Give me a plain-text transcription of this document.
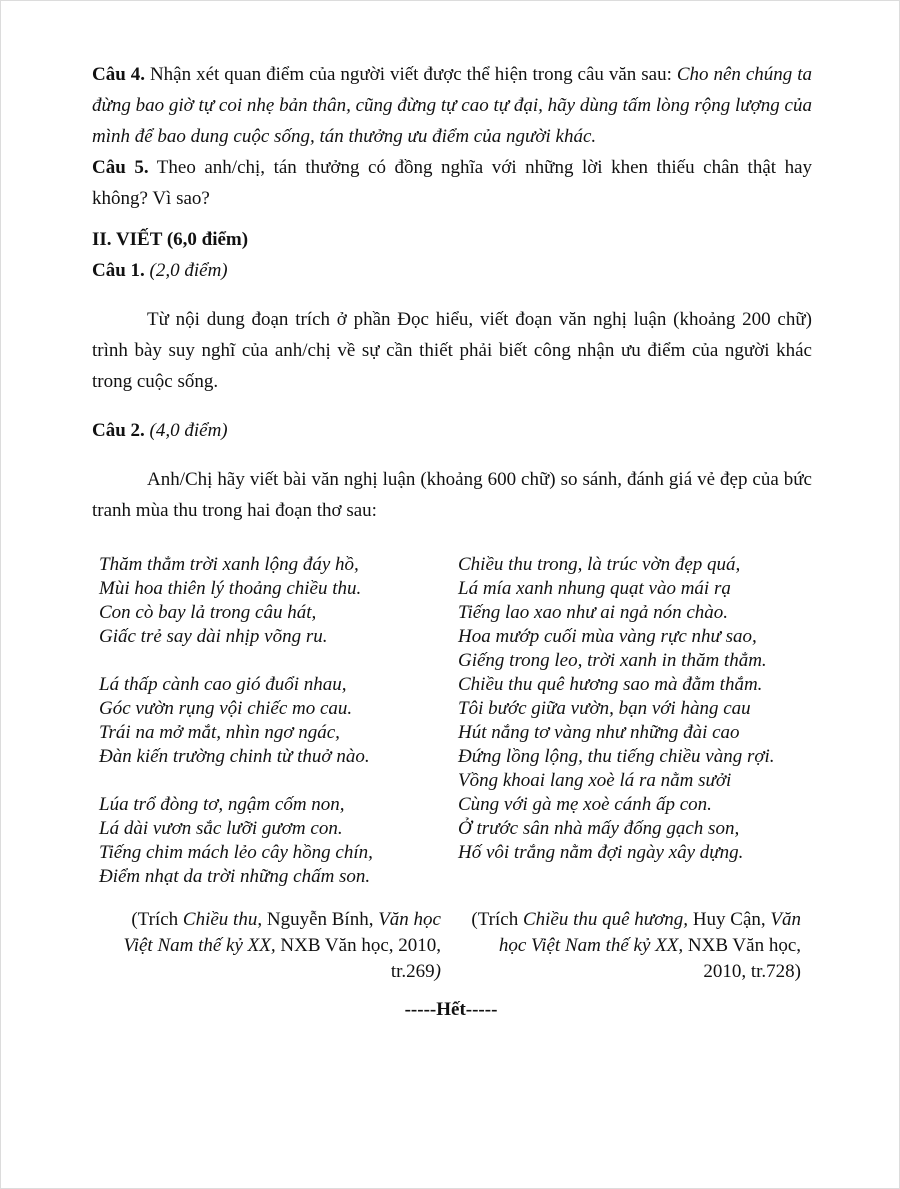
Câu 4. Nhận xét quan điểm của người viết được thể hiện trong câu văn sau: Cho nên chúng ta đừng bao giờ tự coi nhẹ bản thân, cũng đừng tự cao tự đại, hãy dùng tấm lòng rộng lượng của mình để bao dung cuộc sống, tán thưởng ưu điểm của người khác.

Câu 5. Theo anh/chị, tán thưởng có đồng nghĩa với những lời khen thiếu chân thật hay không? Vì sao?

II. VIẾT (6,0 điểm)

Câu 1. (2,0 điểm)

Từ nội dung đoạn trích ở phần Đọc hiểu, viết đoạn văn nghị luận (khoảng 200 chữ) trình bày suy nghĩ của anh/chị về sự cần thiết phải biết công nhận ưu điểm của người khác trong cuộc sống.

Câu 2. (4,0 điểm)

Anh/Chị hãy viết bài văn nghị luận (khoảng 600 chữ) so sánh, đánh giá vẻ đẹp của bức tranh mùa thu trong hai đoạn thơ sau:

Thăm thẳm trời xanh lộng đáy hồ,
Mùi hoa thiên lý thoảng chiều thu.
Con cò bay lả trong câu hát,
Giấc trẻ say dài nhịp võng ru.
Lá thấp cành cao gió đuổi nhau,
Góc vườn rụng vội chiếc mo cau.
Trái na mở mắt, nhìn ngơ ngác,
Đàn kiến trường chinh từ thuở nào.
Lúa trổ đòng tơ, ngậm cốm non,
Lá dài vươn sắc lưỡi gươm con.
Tiếng chim mách lẻo cây hồng chín,
Điểm nhạt da trời những chấm son.
Chiều thu trong, là trúc vờn đẹp quá,
Lá mía xanh nhung quạt vào mái rạ
Tiếng lao xao như ai ngả nón chào.
Hoa mướp cuối mùa vàng rực như sao,
Giếng trong leo, trời xanh in thăm thẳm.
Chiều thu quê hương sao mà đằm thắm.
Tôi bước giữa vườn, bạn với hàng cau
Hút nắng tơ vàng như những đài cao
Đứng lồng lộng, thu tiếng chiều vàng rợi.
Vồng khoai lang xoè lá ra nằm sưởi
Cùng với gà mẹ xoè cánh ấp con.
Ở trước sân nhà mấy đống gạch son,
Hố vôi trắng nằm đợi ngày xây dựng.
(Trích Chiều thu, Nguyễn Bính, Văn học Việt Nam thế kỷ XX, NXB Văn học, 2010, tr.269)
(Trích Chiều thu quê hương, Huy Cận, Văn học Việt Nam thế kỷ XX, NXB Văn học, 2010, tr.728)
-----Hết-----
